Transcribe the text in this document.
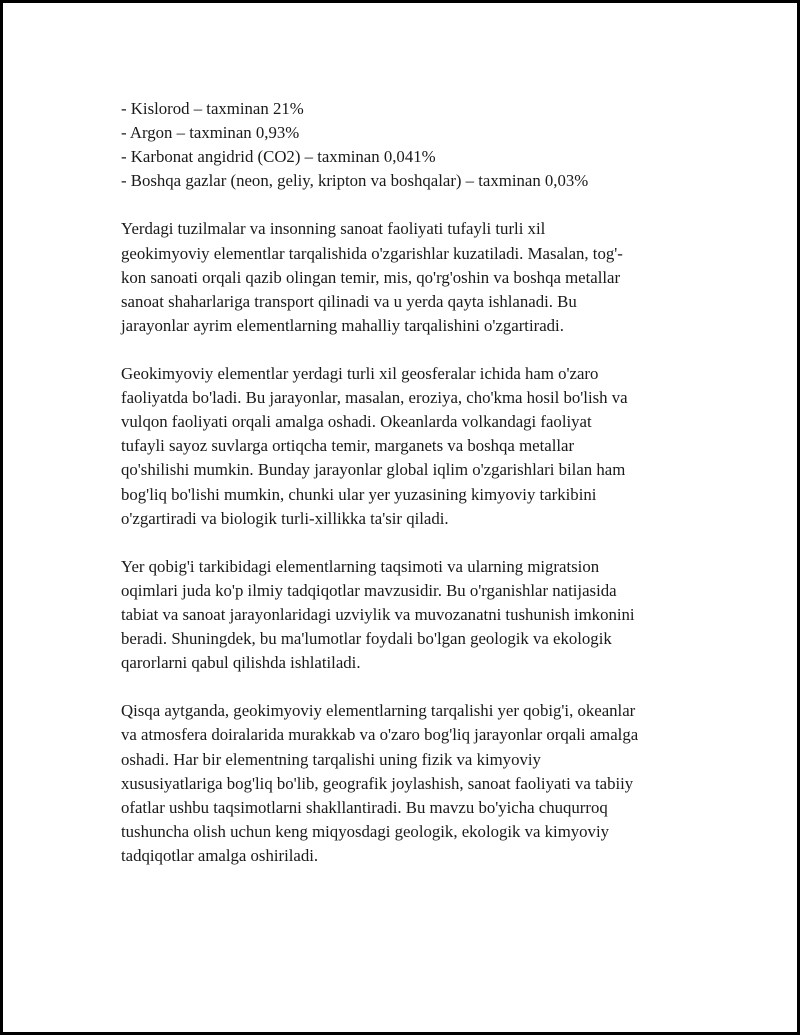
- Kislorod – taxminan 21%
- Argon – taxminan 0,93%
- Karbonat angidrid (CO2) – taxminan 0,041%
- Boshqa gazlar (neon, geliy, kripton va boshqalar) – taxminan 0,03%
Yerdagi tuzilmalar va insonning sanoat faoliyati tufayli turli xil
geokimyoviy elementlar tarqalishida o'zgarishlar kuzatiladi. Masalan, tog'-
kon sanoati orqali qazib olingan temir, mis, qo'rg'oshin va boshqa metallar
sanoat shaharlariga transport qilinadi va u yerda qayta ishlanadi. Bu
jarayonlar ayrim elementlarning mahalliy tarqalishini o'zgartiradi.
Geokimyoviy elementlar yerdagi turli xil geosferalar ichida ham o'zaro
faoliyatda bo'ladi. Bu jarayonlar, masalan, eroziya, cho'kma hosil bo'lish va
vulqon faoliyati orqali amalga oshadi. Okeanlarda volkandagi faoliyat
tufayli sayoz suvlarga ortiqcha temir, marganets va boshqa metallar
qo'shilishi mumkin. Bunday jarayonlar global iqlim o'zgarishlari bilan ham
bog'liq bo'lishi mumkin, chunki ular yer yuzasining kimyoviy tarkibini
o'zgartiradi va biologik turli-xillikka ta'sir qiladi.
Yer qobig'i tarkibidagi elementlarning taqsimoti va ularning migratsion
oqimlari juda ko'p ilmiy tadqiqotlar mavzusidir. Bu o'rganishlar natijasida
tabiat va sanoat jarayonlaridagi uzviylik va muvozanatni tushunish imkonini
beradi. Shuningdek, bu ma'lumotlar foydali bo'lgan geologik va ekologik
qarorlarni qabul qilishda ishlatiladi.
Qisqa aytganda, geokimyoviy elementlarning tarqalishi yer qobig'i, okeanlar
va atmosfera doiralarida murakkab va o'zaro bog'liq jarayonlar orqali amalga
oshadi. Har bir elementning tarqalishi uning fizik va kimyoviy
xususiyatlariga bog'liq bo'lib, geografik joylashish, sanoat faoliyati va tabiiy
ofatlar ushbu taqsimotlarni shakllantiradi. Bu mavzu bo'yicha chuqurroq
tushuncha olish uchun keng miqyosdagi geologik, ekologik va kimyoviy
tadqiqotlar amalga oshiriladi.
